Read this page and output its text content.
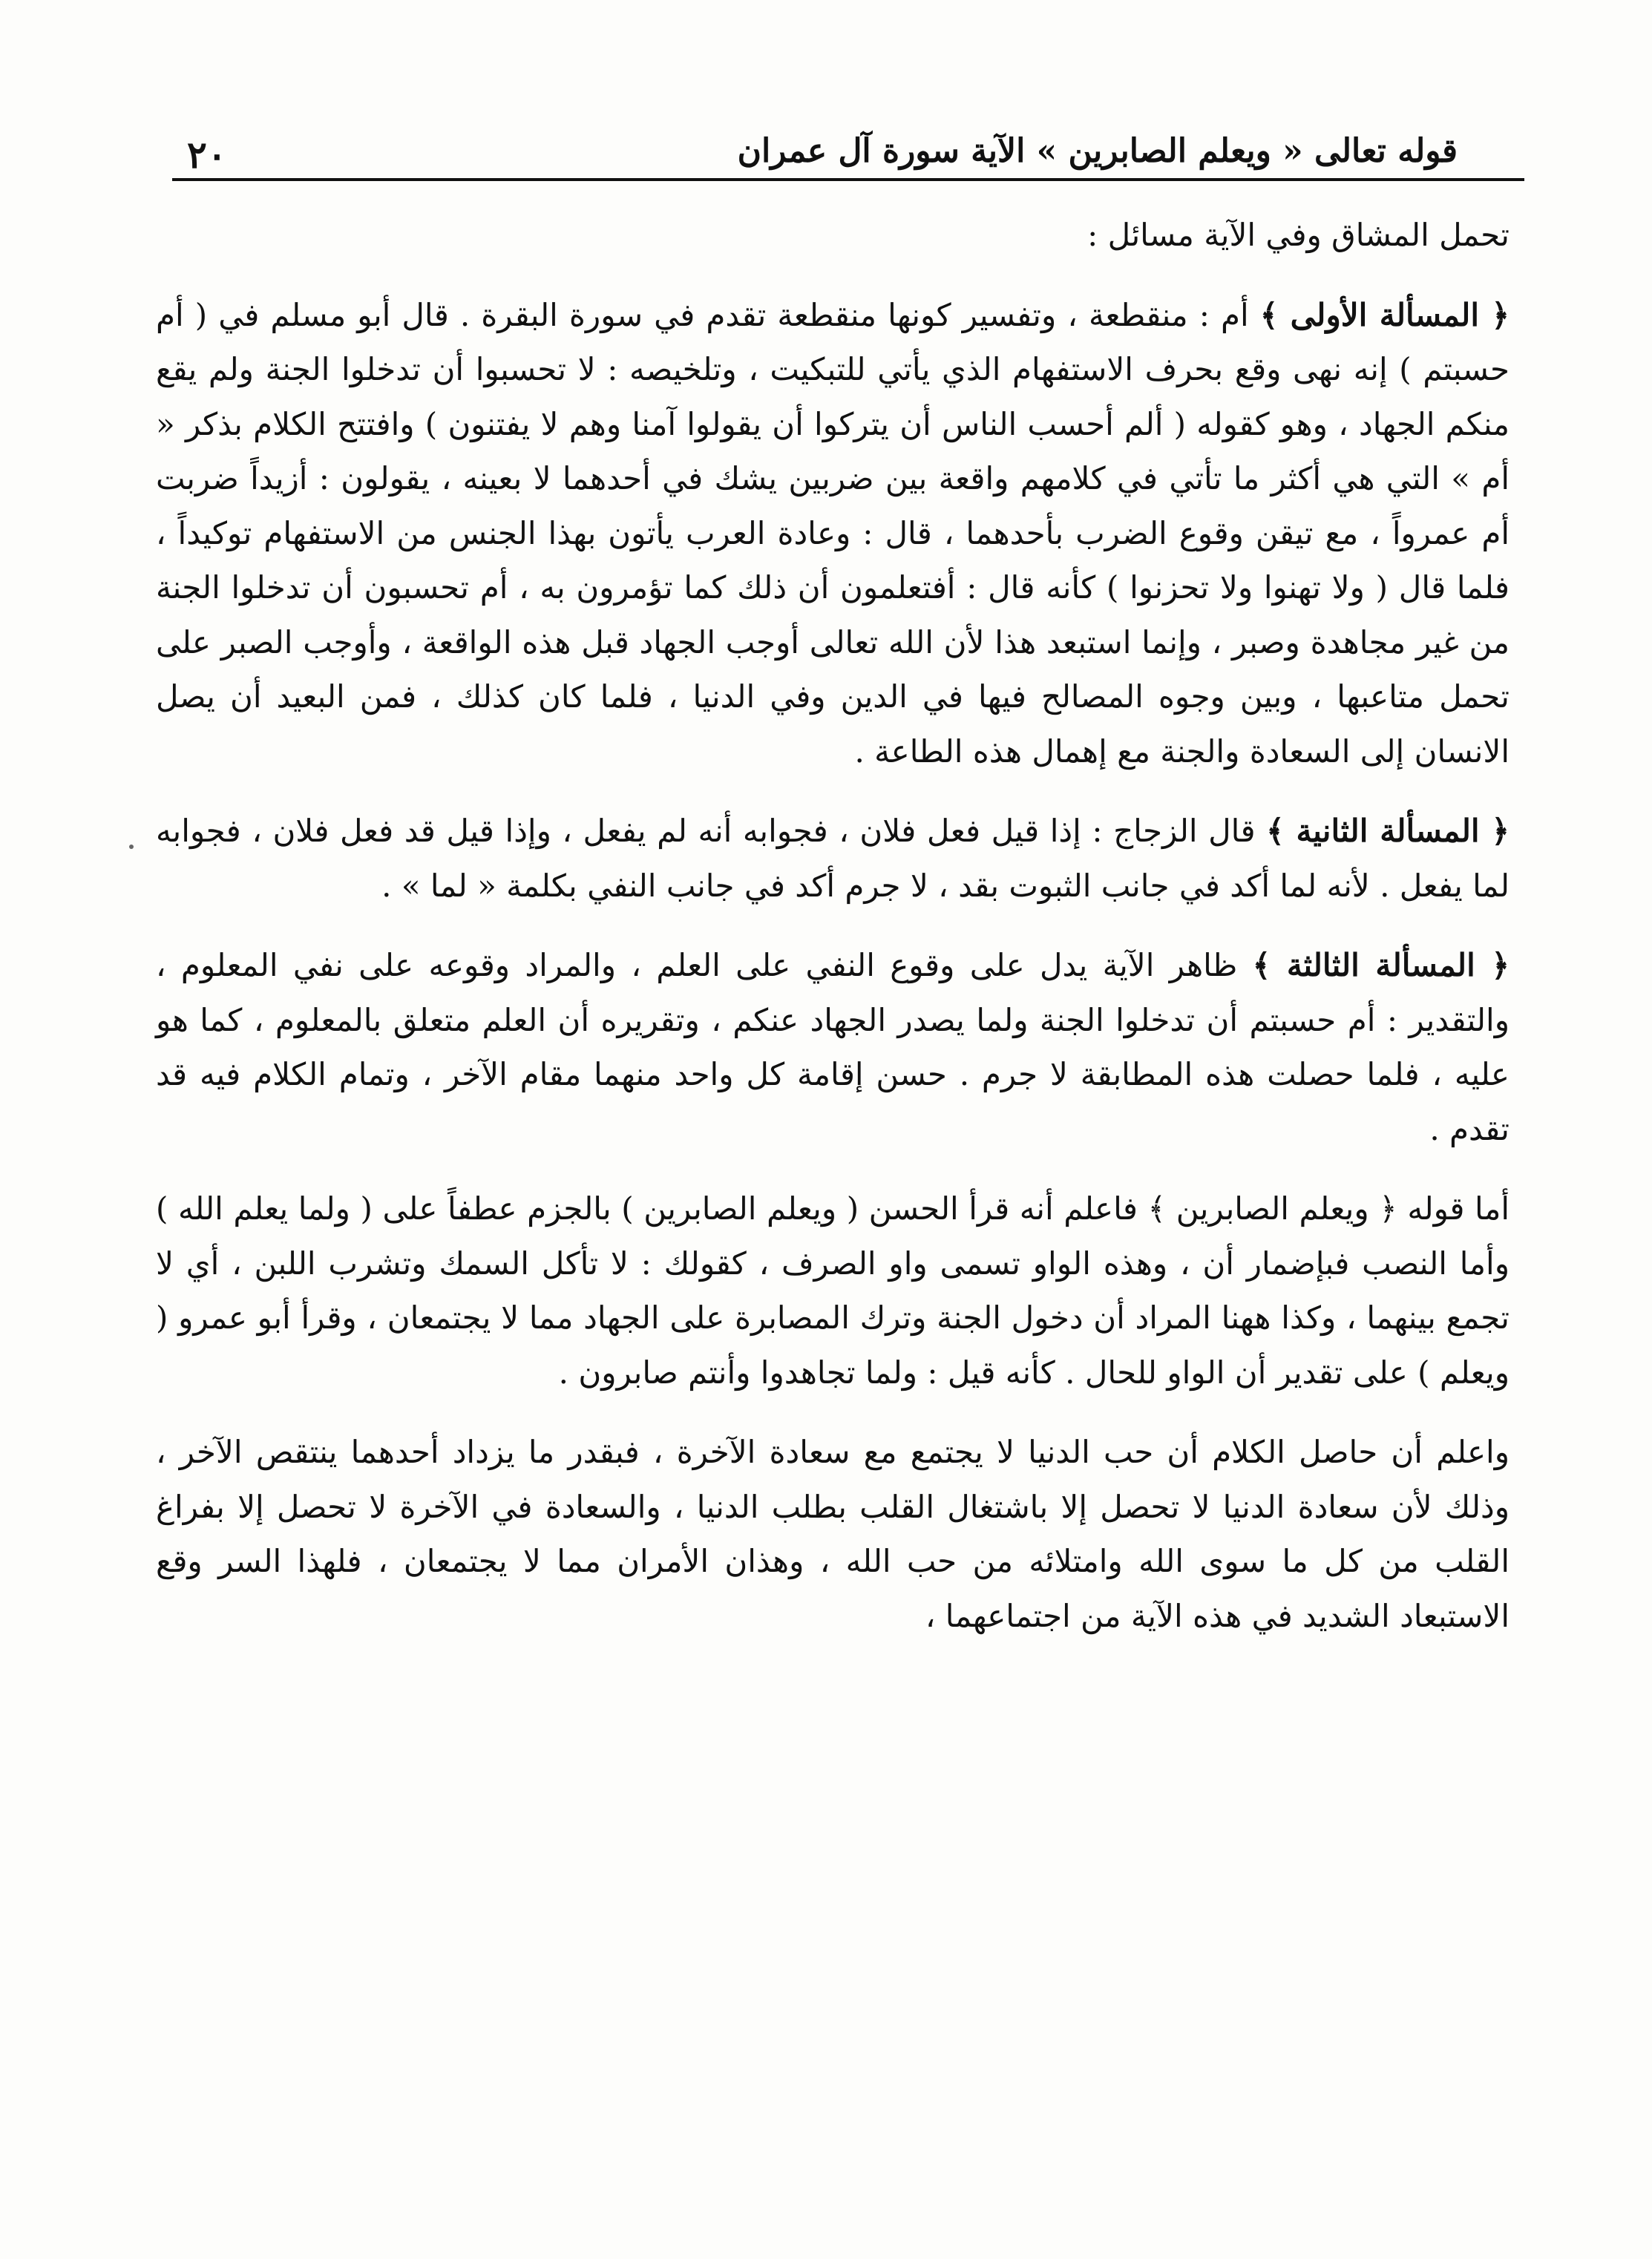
قوله تعالى « ويعلم الصابرين » الآية سورة آل عمران
٢٠

تحمل المشاق وفي الآية مسائل :

﴿ المسألة الأولى ﴾ أم : منقطعة ، وتفسير كونها منقطعة تقدم في سورة البقرة . قال أبو مسلم في ( أم حسبتم ) إنه نهى وقع بحرف الاستفهام الذي يأتي للتبكيت ، وتلخيصه : لا تحسبوا أن تدخلوا الجنة ولم يقع منكم الجهاد ، وهو كقوله ( ألم أحسب الناس أن يتركوا أن يقولوا آمنا وهم لا يفتنون ) وافتتح الكلام بذكر « أم » التي هي أكثر ما تأتي في كلامهم واقعة بين ضربين يشك في أحدهما لا بعينه ، يقولون : أزيداً ضربت أم عمرواً ، مع تيقن وقوع الضرب بأحدهما ، قال : وعادة العرب يأتون بهذا الجنس من الاستفهام توكيداً ، فلما قال ( ولا تهنوا ولا تحزنوا ) كأنه قال : أفتعلمون أن ذلك كما تؤمرون به ، أم تحسبون أن تدخلوا الجنة من غير مجاهدة وصبر ، وإنما استبعد هذا لأن الله تعالى أوجب الجهاد قبل هذه الواقعة ، وأوجب الصبر على تحمل متاعبها ، وبين وجوه المصالح فيها في الدين وفي الدنيا ، فلما كان كذلك ، فمن البعيد أن يصل الانسان إلى السعادة والجنة مع إهمال هذه الطاعة .

﴿ المسألة الثانية ﴾ قال الزجاج : إذا قيل فعل فلان ، فجوابه أنه لم يفعل ، وإذا قيل قد فعل فلان ، فجوابه لما يفعل . لأنه لما أكد في جانب الثبوت بقد ، لا جرم أكد في جانب النفي بكلمة « لما » .

﴿ المسألة الثالثة ﴾ ظاهر الآية يدل على وقوع النفي على العلم ، والمراد وقوعه على نفي المعلوم ، والتقدير : أم حسبتم أن تدخلوا الجنة ولما يصدر الجهاد عنكم ، وتقريره أن العلم متعلق بالمعلوم ، كما هو عليه ، فلما حصلت هذه المطابقة لا جرم . حسن إقامة كل واحد منهما مقام الآخر ، وتمام الكلام فيه قد تقدم .

أما قوله ﴿ ويعلم الصابرين ﴾ فاعلم أنه قرأ الحسن ( ويعلم الصابرين ) بالجزم عطفاً على ( ولما يعلم الله ) وأما النصب فبإضمار أن ، وهذه الواو تسمى واو الصرف ، كقولك : لا تأكل السمك وتشرب اللبن ، أي لا تجمع بينهما ، وكذا ههنا المراد أن دخول الجنة وترك المصابرة على الجهاد مما لا يجتمعان ، وقرأ أبو عمرو ( ويعلم ) على تقدير أن الواو للحال . كأنه قيل : ولما تجاهدوا وأنتم صابرون .

واعلم أن حاصل الكلام أن حب الدنيا لا يجتمع مع سعادة الآخرة ، فبقدر ما يزداد أحدهما ينتقص الآخر ، وذلك لأن سعادة الدنيا لا تحصل إلا باشتغال القلب بطلب الدنيا ، والسعادة في الآخرة لا تحصل إلا بفراغ القلب من كل ما سوى الله وامتلائه من حب الله ، وهذان الأمران مما لا يجتمعان ، فلهذا السر وقع الاستبعاد الشديد في هذه الآية من اجتماعهما ،
